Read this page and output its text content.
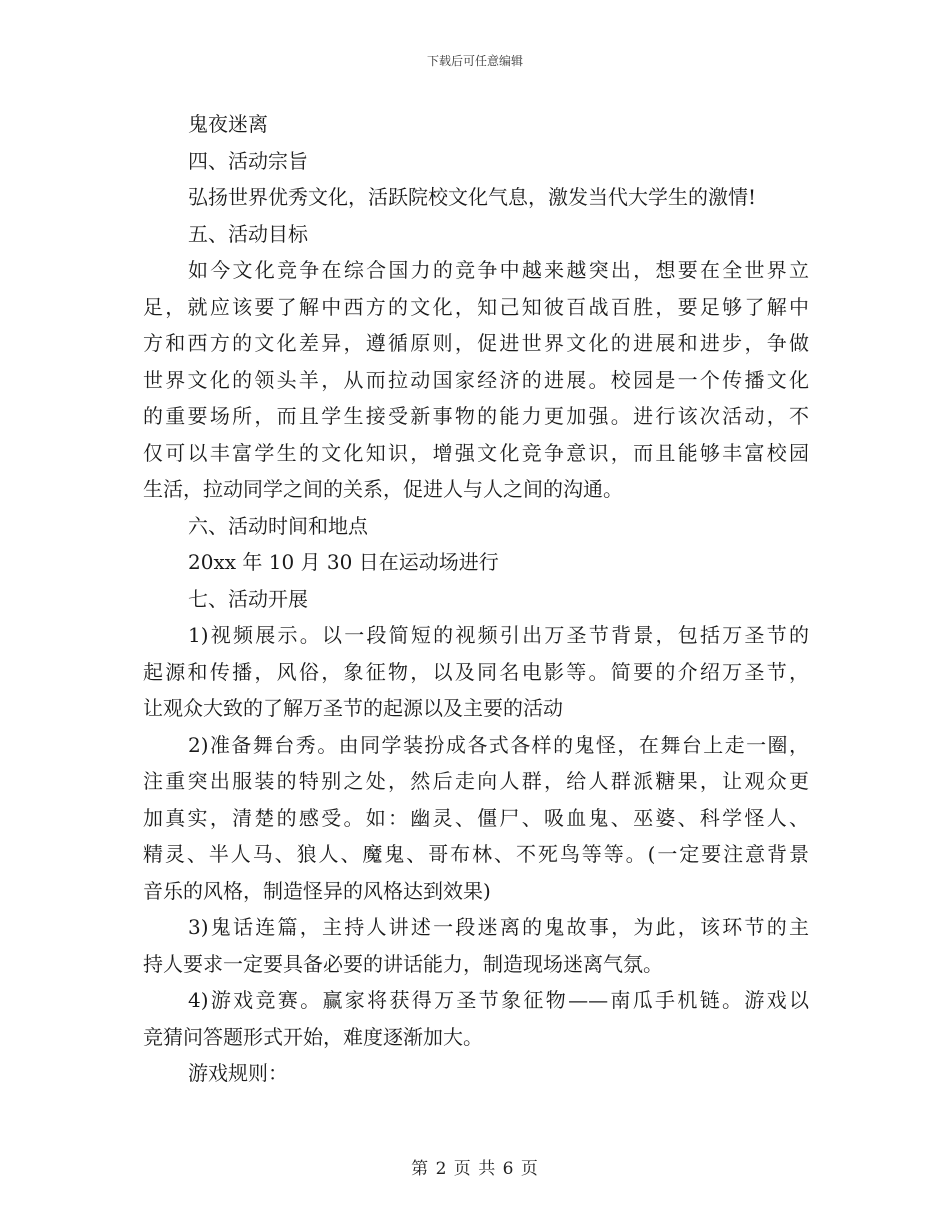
下载后可任意编辑
鬼夜迷离
四、活动宗旨
弘扬世界优秀文化，活跃院校文化气息，激发当代大学生的激情!
五、活动目标
如今文化竞争在综合国力的竞争中越来越突出，想要在全世界立
足，就应该要了解中西方的文化，知己知彼百战百胜，要足够了解中
方和西方的文化差异，遵循原则，促进世界文化的进展和进步，争做
世界文化的领头羊，从而拉动国家经济的进展。校园是一个传播文化
的重要场所，而且学生接受新事物的能力更加强。进行该次活动，不
仅可以丰富学生的文化知识，增强文化竞争意识，而且能够丰富校园
生活，拉动同学之间的关系，促进人与人之间的沟通。
六、活动时间和地点
20xx 年 10 月 30 日在运动场进行
七、活动开展
1)视频展示。以一段简短的视频引出万圣节背景，包括万圣节的
起源和传播，风俗，象征物，以及同名电影等。简要的介绍万圣节，
让观众大致的了解万圣节的起源以及主要的活动
2)准备舞台秀。由同学装扮成各式各样的鬼怪，在舞台上走一圈，
注重突出服装的特别之处，然后走向人群，给人群派糖果，让观众更
加真实，清楚的感受。如：幽灵、僵尸、吸血鬼、巫婆、科学怪人、
精灵、半人马、狼人、魔鬼、哥布林、不死鸟等等。(一定要注意背景
音乐的风格，制造怪异的风格达到效果)
3)鬼话连篇，主持人讲述一段迷离的鬼故事，为此，该环节的主
持人要求一定要具备必要的讲话能力，制造现场迷离气氛。
4)游戏竞赛。赢家将获得万圣节象征物——南瓜手机链。游戏以
竞猜问答题形式开始，难度逐渐加大。
游戏规则：
第 2 页 共 6 页
